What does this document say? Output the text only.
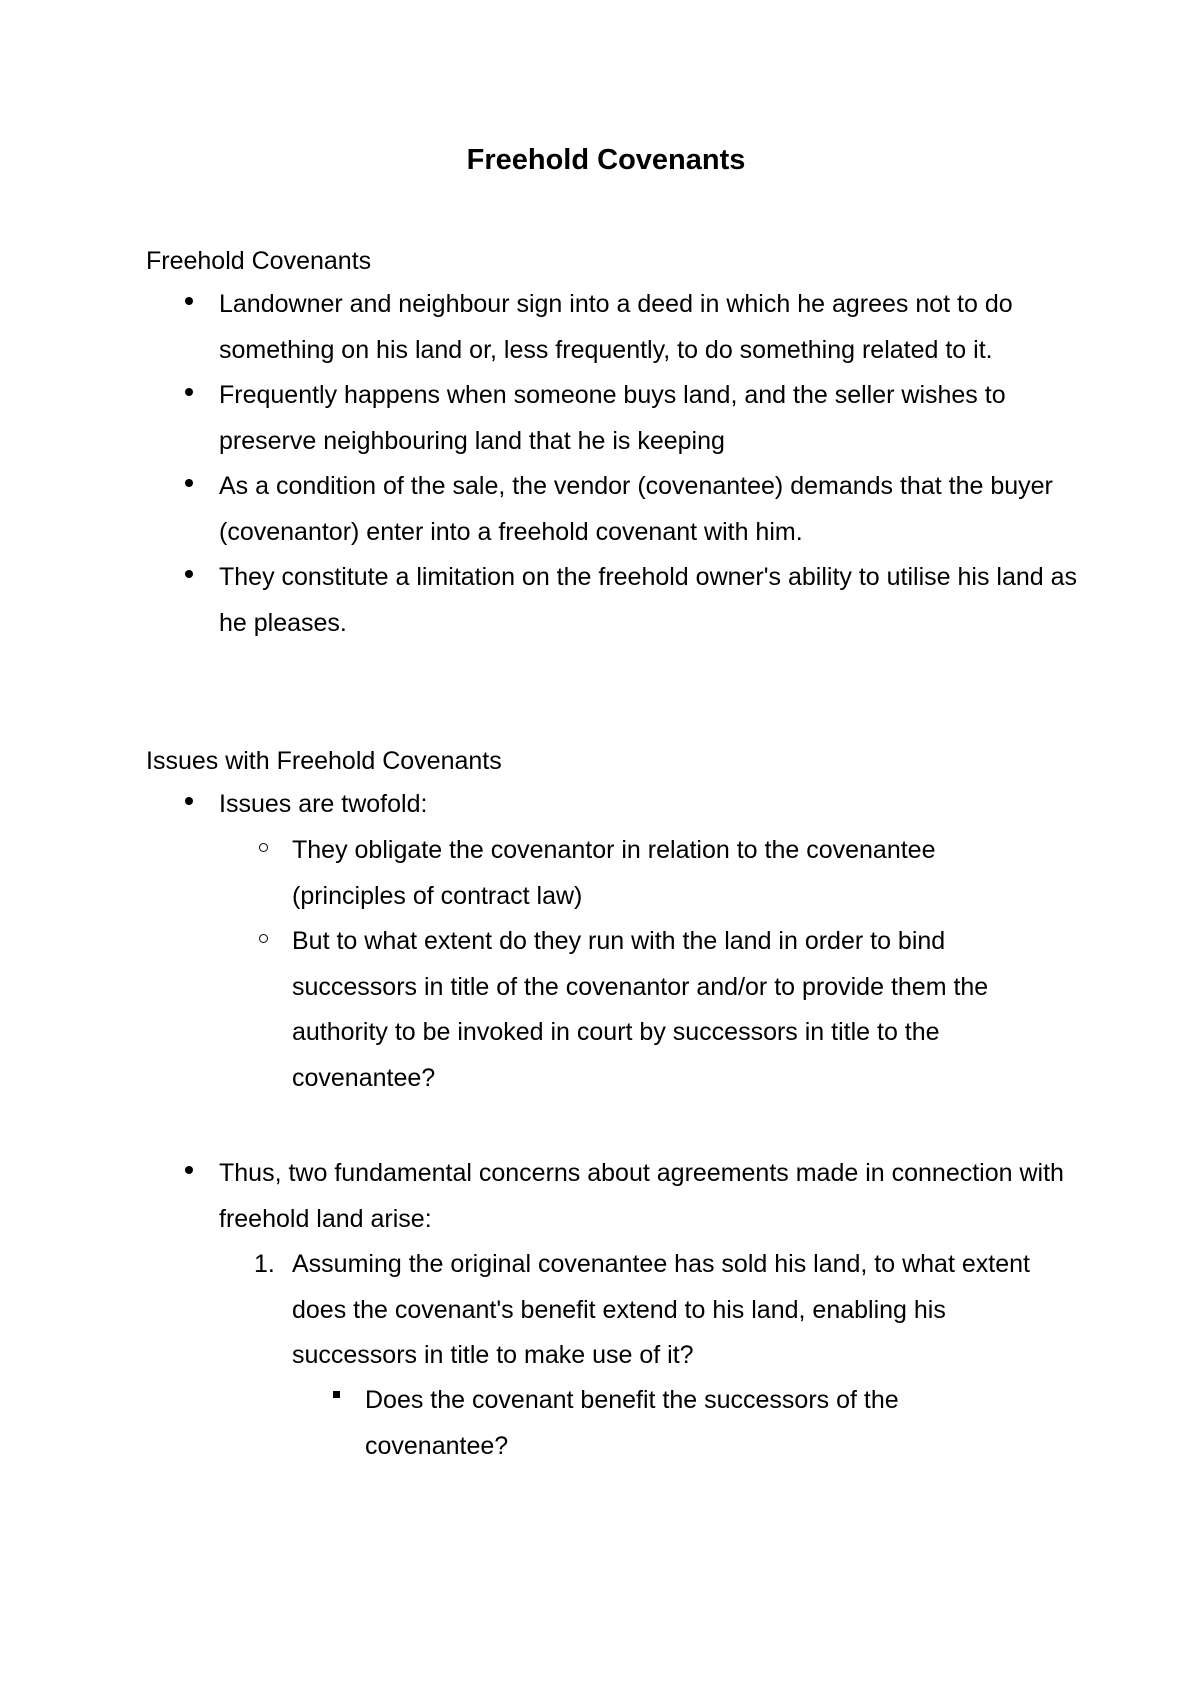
Freehold Covenants
Freehold Covenants
Landowner and neighbour sign into a deed in which he agrees not to do something on his land or, less frequently, to do something related to it.
Frequently happens when someone buys land, and the seller wishes to preserve neighbouring land that he is keeping
As a condition of the sale, the vendor (covenantee) demands that the buyer (covenantor) enter into a freehold covenant with him.
They constitute a limitation on the freehold owner's ability to utilise his land as he pleases.
Issues with Freehold Covenants
Issues are twofold:
They obligate the covenantor in relation to the covenantee (principles of contract law)
But to what extent do they run with the land in order to bind successors in title of the covenantor and/or to provide them the authority to be invoked in court by successors in title to the covenantee?
Thus, two fundamental concerns about agreements made in connection with freehold land arise:
1. Assuming the original covenantee has sold his land, to what extent does the covenant's benefit extend to his land, enabling his successors in title to make use of it?
Does the covenant benefit the successors of the covenantee?
